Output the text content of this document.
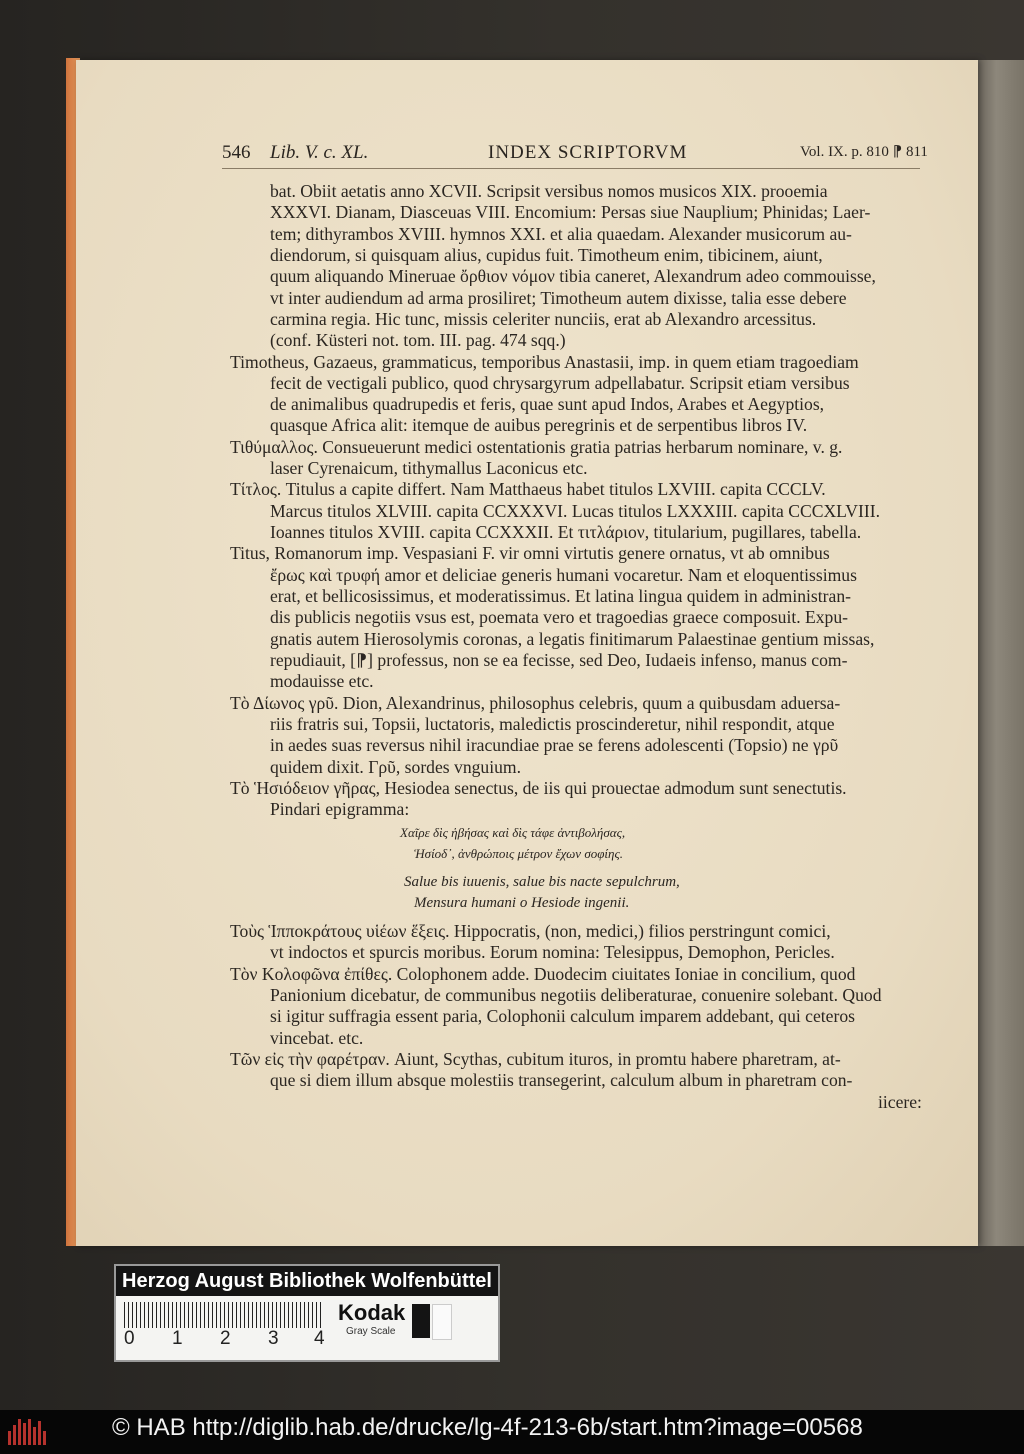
546 Lib. V. c. XL.	INDEX SCRIPTORVM	Vol. IX. p. 810 ⁋ 811
bat. Obiit aetatis anno XCVII. Scripsit versibus nomos musicos XIX. prooemia
XXXVI. Dianam, Diasceuas VIII. Encomium: Persas siue Nauplium; Phinidas; Laer-
tem; dithyrambos XVIII. hymnos XXI. et alia quaedam. Alexander musicorum au-
diendorum, si quisquam alius, cupidus fuit. Timotheum enim, tibicinem, aiunt,
quum aliquando Mineruae ὄρθιον νόμον tibia caneret, Alexandrum adeo commouisse,
vt inter audiendum ad arma prosiliret; Timotheum autem dixisse, talia esse debere
carmina regia. Hic tunc, missis celeriter nunciis, erat ab Alexandro arcessitus.
(conf. Küsteri not. tom. III. pag. 474 sqq.)
Timotheus, Gazaeus, grammaticus, temporibus Anastasii, imp. in quem etiam tragoediam
fecit de vectigali publico, quod chrysargyrum adpellabatur. Scripsit etiam versibus
de animalibus quadrupedis et feris, quae sunt apud Indos, Arabes et Aegyptios,
quasque Africa alit: itemque de auibus peregrinis et de serpentibus libros IV.
Τιθύμαλλος. Consueuerunt medici ostentationis gratia patrias herbarum nominare, v. g.
laser Cyrenaicum, tithymallus Laconicus etc.
Τίτλος. Titulus a capite differt. Nam Matthaeus habet titulos LXVIII. capita CCCLV.
Marcus titulos XLVIII. capita CCXXXVI. Lucas titulos LXXXIII. capita CCCXLVIII.
Ioannes titulos XVIII. capita CCXXXII. Et τιτλάριον, titularium, pugillares, tabella.
Titus, Romanorum imp. Vespasiani F. vir omni virtutis genere ornatus, vt ab omnibus
ἔρως καὶ τρυφή amor et deliciae generis humani vocaretur. Nam et eloquentissimus
erat, et bellicosissimus, et moderatissimus. Et latina lingua quidem in administran-
dis publicis negotiis vsus est, poemata vero et tragoedias graece composuit. Expu-
gnatis autem Hierosolymis coronas, a legatis finitimarum Palaestinae gentium missas,
repudiauit, [⁋] professus, non se ea fecisse, sed Deo, Iudaeis infenso, manus com-
modauisse etc.
Τὸ Δίωνος γρῦ. Dion, Alexandrinus, philosophus celebris, quum a quibusdam aduersa-
riis fratris sui, Topsii, luctatoris, maledictis proscinderetur, nihil respondit, atque
in aedes suas reversus nihil iracundiae prae se ferens adolescenti (Topsio) ne γρῦ
quidem dixit. Γρῦ, sordes vnguium.
Τὸ Ἡσιόδειον γῆρας, Hesiodea senectus, de iis qui prouectae admodum sunt senectutis.
Pindari epigramma:
Χαῖρε δὶς ἡβήσας καὶ δὶς τάφε ἀντιβολήσας,
Ἡσίοδ᾽, ἀνθρώποις μέτρον ἔχων σοφίης.
Salue bis iuuenis, salue bis nacte sepulchrum,
Mensura humani o Hesiode ingenii.
Τοὺς Ἱπποκράτους υἱέων ἕξεις. Hippocratis, (non, medici,) filios perstringunt comici,
vt indoctos et spurcis moribus. Eorum nomina: Telesippus, Demophon, Pericles.
Τὸν Κολοφῶνα ἐπίθες. Colophonem adde. Duodecim ciuitates Ioniae in concilium, quod
Panionium dicebatur, de communibus negotiis deliberaturae, conuenire solebant. Quod
si igitur suffragia essent paria, Colophonii calculum imparem addebant, qui ceteros
vincebat. etc.
Τῶν εἰς τὴν φαρέτραν. Aiunt, Scythas, cubitum ituros, in promtu habere pharetram, at-
que si diem illum absque molestiis transegerint, calculum album in pharetram con-
iicere:
Herzog August Bibliothek Wolfenbüttel
0 1 2 3 4
Kodak
Gray Scale
© HAB http://diglib.hab.de/drucke/lg-4f-213-6b/start.htm?image=00568
